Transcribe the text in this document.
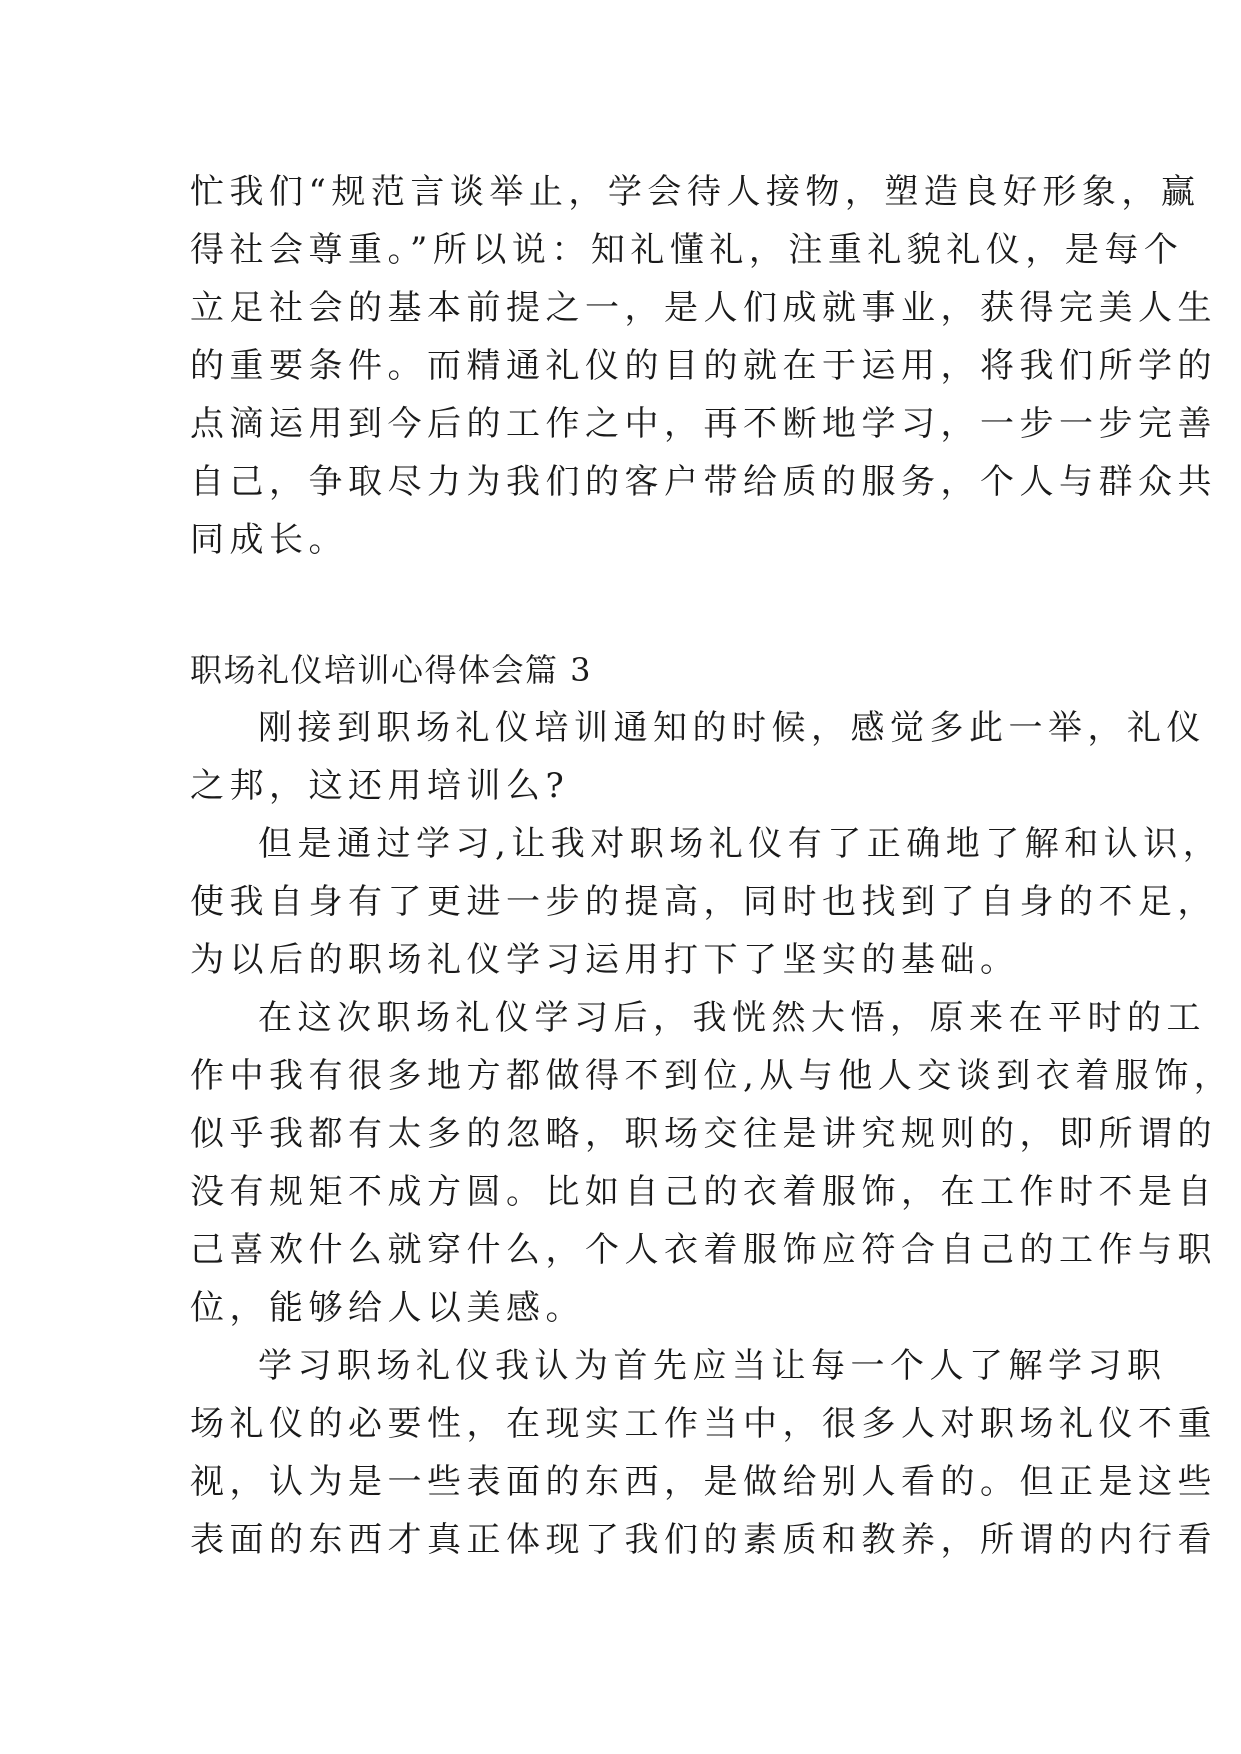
忙我们“规范言谈举止，学会待人接物，塑造良好形象，赢
得社会尊重。”所以说：知礼懂礼，注重礼貌礼仪，是每个
立足社会的基本前提之一，是人们成就事业，获得完美人生
的重要条件。而精通礼仪的目的就在于运用，将我们所学的
点滴运用到今后的工作之中，再不断地学习，一步一步完善
自己，争取尽力为我们的客户带给质的服务，个人与群众共
同成长。
职场礼仪培训心得体会篇 3
刚接到职场礼仪培训通知的时候，感觉多此一举，礼仪
之邦，这还用培训么?
但是通过学习,让我对职场礼仪有了正确地了解和认识，
使我自身有了更进一步的提高，同时也找到了自身的不足，
为以后的职场礼仪学习运用打下了坚实的基础。
在这次职场礼仪学习后，我恍然大悟，原来在平时的工
作中我有很多地方都做得不到位,从与他人交谈到衣着服饰，
似乎我都有太多的忽略，职场交往是讲究规则的，即所谓的
没有规矩不成方圆。比如自己的衣着服饰，在工作时不是自
己喜欢什么就穿什么，个人衣着服饰应符合自己的工作与职
位，能够给人以美感。
学习职场礼仪我认为首先应当让每一个人了解学习职
场礼仪的必要性，在现实工作当中，很多人对职场礼仪不重
视，认为是一些表面的东西，是做给别人看的。但正是这些
表面的东西才真正体现了我们的素质和教养，所谓的内行看
